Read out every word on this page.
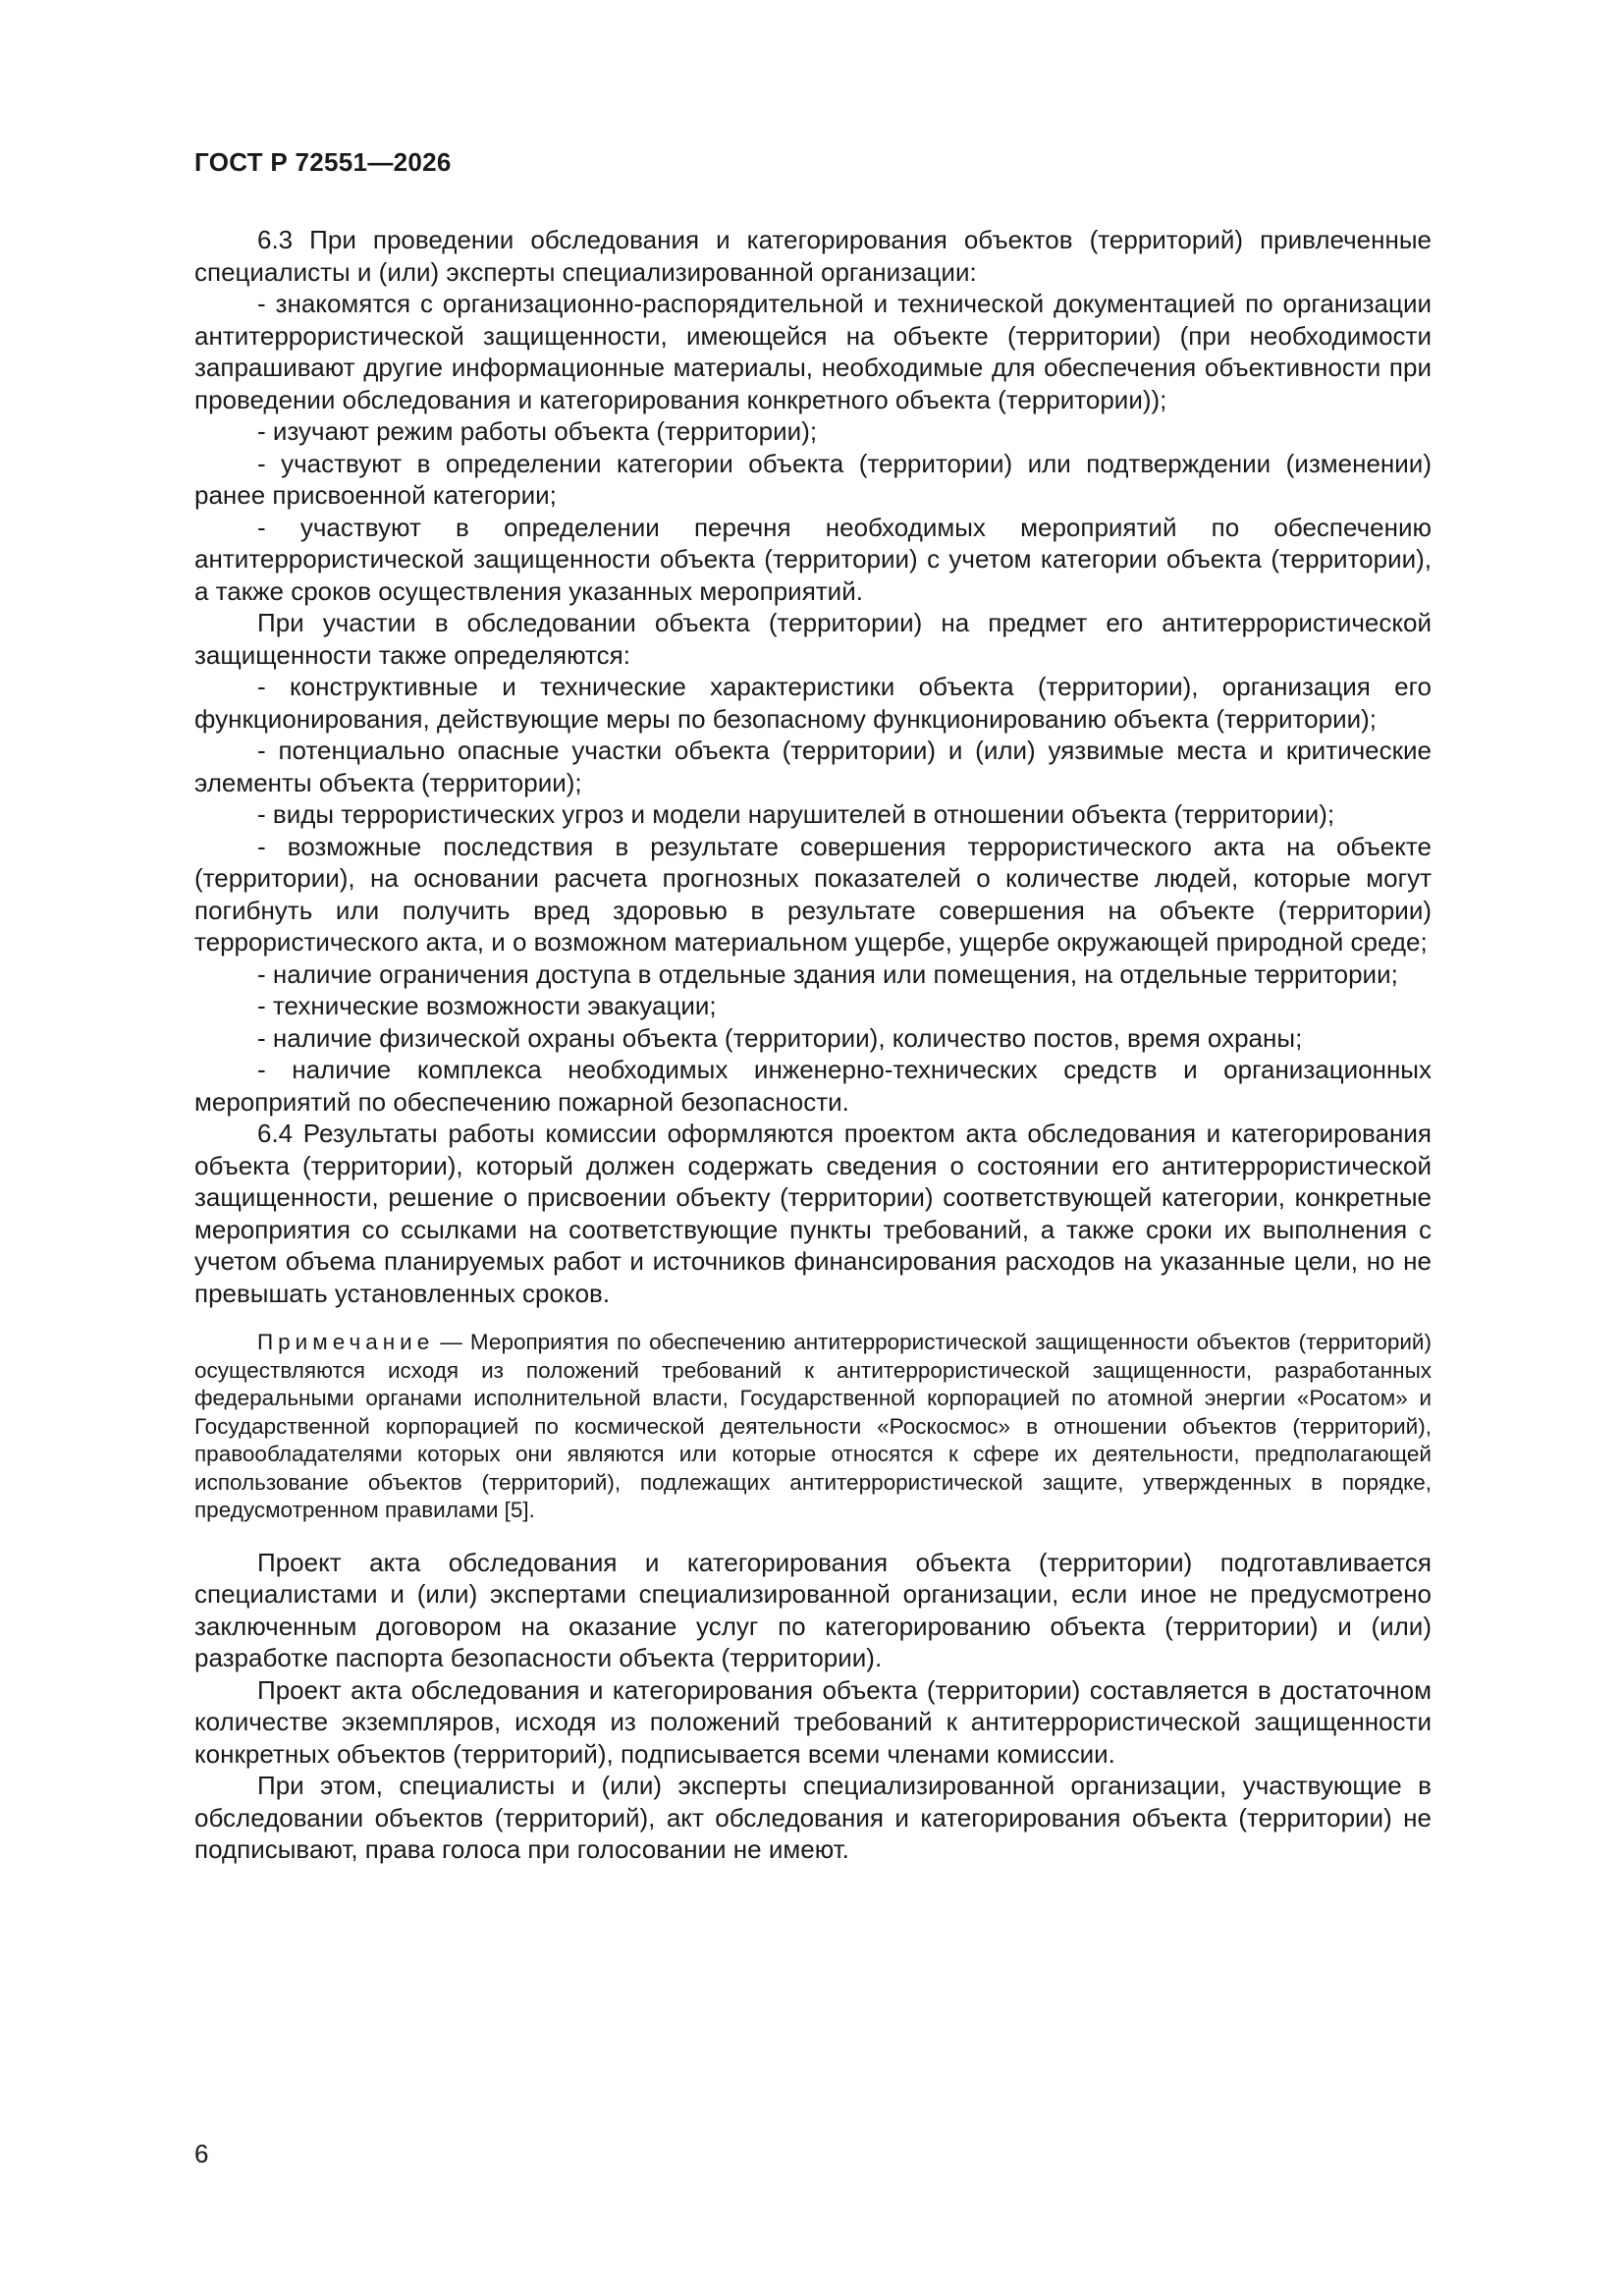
ГОСТ Р 72551—2026

6.3 При проведении обследования и категорирования объектов (территорий) привлеченные специалисты и (или) эксперты специализированной организации:

- знакомятся с организационно-распорядительной и технической документацией по организации антитеррористической защищенности, имеющейся на объекте (территории) (при необходимости запрашивают другие информационные материалы, необходимые для обеспечения объективности при проведении обследования и категорирования конкретного объекта (территории));

- изучают режим работы объекта (территории);

- участвуют в определении категории объекта (территории) или подтверждении (изменении) ранее присвоенной категории;

- участвуют в определении перечня необходимых мероприятий по обеспечению антитеррористической защищенности объекта (территории) с учетом категории объекта (территории), а также сроков осуществления указанных мероприятий.

При участии в обследовании объекта (территории) на предмет его антитеррористической защищенности также определяются:

- конструктивные и технические характеристики объекта (территории), организация его функционирования, действующие меры по безопасному функционированию объекта (территории);

- потенциально опасные участки объекта (территории) и (или) уязвимые места и критические элементы объекта (территории);

- виды террористических угроз и модели нарушителей в отношении объекта (территории);

- возможные последствия в результате совершения террористического акта на объекте (территории), на основании расчета прогнозных показателей о количестве людей, которые могут погибнуть или получить вред здоровью в результате совершения на объекте (территории) террористического акта, и о возможном материальном ущербе, ущербе окружающей природной среде;

- наличие ограничения доступа в отдельные здания или помещения, на отдельные территории;

- технические возможности эвакуации;

- наличие физической охраны объекта (территории), количество постов, время охраны;

- наличие комплекса необходимых инженерно-технических средств и организационных мероприятий по обеспечению пожарной безопасности.

6.4 Результаты работы комиссии оформляются проектом акта обследования и категорирования объекта (территории), который должен содержать сведения о состоянии его антитеррористической защищенности, решение о присвоении объекту (территории) соответствующей категории, конкретные мероприятия со ссылками на соответствующие пункты требований, а также сроки их выполнения с учетом объема планируемых работ и источников финансирования расходов на указанные цели, но не превышать установленных сроков.

Примечание — Мероприятия по обеспечению антитеррористической защищенности объектов (территорий) осуществляются исходя из положений требований к антитеррористической защищенности, разработанных федеральными органами исполнительной власти, Государственной корпорацией по атомной энергии «Росатом» и Государственной корпорацией по космической деятельности «Роскосмос» в отношении объектов (территорий), правообладателями которых они являются или которые относятся к сфере их деятельности, предполагающей использование объектов (территорий), подлежащих антитеррористической защите, утвержденных в порядке, предусмотренном правилами [5].

Проект акта обследования и категорирования объекта (территории) подготавливается специалистами и (или) экспертами специализированной организации, если иное не предусмотрено заключенным договором на оказание услуг по категорированию объекта (территории) и (или) разработке паспорта безопасности объекта (территории).

Проект акта обследования и категорирования объекта (территории) составляется в достаточном количестве экземпляров, исходя из положений требований к антитеррористической защищенности конкретных объектов (территорий), подписывается всеми членами комиссии.

При этом, специалисты и (или) эксперты специализированной организации, участвующие в обследовании объектов (территорий), акт обследования и категорирования объекта (территории) не подписывают, права голоса при голосовании не имеют.

6
